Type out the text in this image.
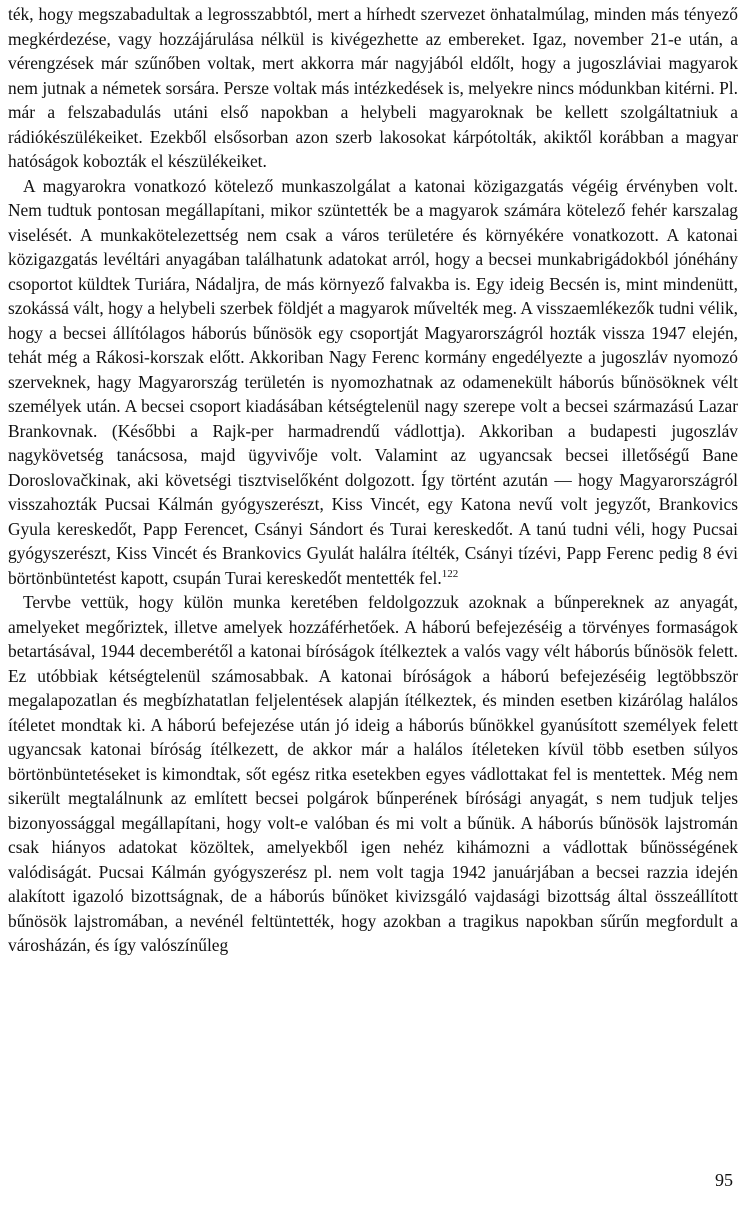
ték, hogy megszabadultak a legrosszabbtól, mert a hírhedt szervezet önhatalmúlag, minden más tényező megkérdezése, vagy hozzájárulása nélkül is kivégezhette az embereket. Igaz, november 21-e után, a vérengzések már szűnőben voltak, mert akkorra már nagyjából eldőlt, hogy a jugoszláviai magyarok nem jutnak a németek sorsára. Persze voltak más intézkedések is, melyekre nincs módunkban kitérni. Pl. már a felszabadulás utáni első napokban a helybeli magyaroknak be kellett szolgáltatniuk a rádiókészülékeiket. Ezekből elsősorban azon szerb lakosokat kárpótolták, akiktől korábban a magyar hatóságok kobozták el készülékeiket.

A magyarokra vonatkozó kötelező munkaszolgálat a katonai közigazgatás végéig érvényben volt. Nem tudtuk pontosan megállapítani, mikor szüntették be a magyarok számára kötelező fehér karszalag viselését. A munkakötelezettség nem csak a város területére és környékére vonatkozott. A katonai közigazgatás levéltári anyagában találhatunk adatokat arról, hogy a becsei munkabrigádokból jónéhány csoportot küldtek Turiára, Nádaljra, de más környező falvakba is. Egy ideig Becsén is, mint mindenütt, szokássá vált, hogy a helybeli szerbek földjét a magyarok művelték meg. A visszaemlékezők tudni vélik, hogy a becsei állítólagos háborús bűnösök egy csoportját Magyarországról hozták vissza 1947 elején, tehát még a Rákosi-korszak előtt. Akkoriban Nagy Ferenc kormány engedélyezte a jugoszláv nyomozó szerveknek, hagy Magyarország területén is nyomozhatnak az odamenekült háborús bűnösöknek vélt személyek után. A becsei csoport kiadásában kétségtelenül nagy szerepe volt a becsei származású Lazar Brankovnak. (Későbbi a Rajk-per harmadrendű vádlottja). Akkoriban a budapesti jugoszláv nagykövetség tanácsosa, majd ügyvivője volt. Valamint az ugyancsak becsei illetőségű Bane Doroslovačkinak, aki követségi tisztviselőként dolgozott. Így történt azután — hogy Magyarországról visszahozták Pucsai Kálmán gyógyszerészt, Kiss Vincét, egy Katona nevű volt jegyzőt, Brankovics Gyula kereskedőt, Papp Ferencet, Csányi Sándort és Turai kereskedőt. A tanú tudni véli, hogy Pucsai gyógyszerészt, Kiss Vincét és Brankovics Gyulát halálra ítélték, Csányi tízévi, Papp Ferenc pedig 8 évi börtönbüntetést kapott, csupán Turai kereskedőt mentették fel.$^{122}$

Tervbe vettük, hogy külön munka keretében feldolgozzuk azoknak a bűnpereknek az anyagát, amelyeket megőriztek, illetve amelyek hozzáférhetőek. A háború befejezéséig a törvényes formaságok betartásával, 1944 decemberétől a katonai bíróságok ítélkeztek a valós vagy vélt háborús bűnösök felett. Ez utóbbiak kétségtelenül számosabbak. A katonai bíróságok a háború befejezéséig legtöbbször megalapozatlan és megbízhatatlan feljelentések alapján ítélkeztek, és minden esetben kizárólag halálos ítéletet mondtak ki. A háború befejezése után jó ideig a háborús bűnökkel gyanúsított személyek felett ugyancsak katonai bíróság ítélkezett, de akkor már a halálos ítéleteken kívül több esetben súlyos börtönbüntetéseket is kimondtak, sőt egész ritka esetekben egyes vádlottakat fel is mentettek. Még nem sikerült megtalálnunk az említett becsei polgárok bűnperének bírósági anyagát, s nem tudjuk teljes bizonyossággal megállapítani, hogy volt-e valóban és mi volt a bűnük. A háborús bűnösök lajstromán csak hiányos adatokat közöltek, amelyekből igen nehéz kihámozni a vádlottak bűnösségének valódiságát. Pucsai Kálmán gyógyszerész pl. nem volt tagja 1942 januárjában a becsei razzia idején alakított igazoló bizottságnak, de a háborús bűnöket kivizsgáló vajdasági bizottság által összeállított bűnösök lajstromában, a nevénél feltüntették, hogy azokban a tragikus napokban sűrűn megfordult a városházán, és így valószínűleg

95
